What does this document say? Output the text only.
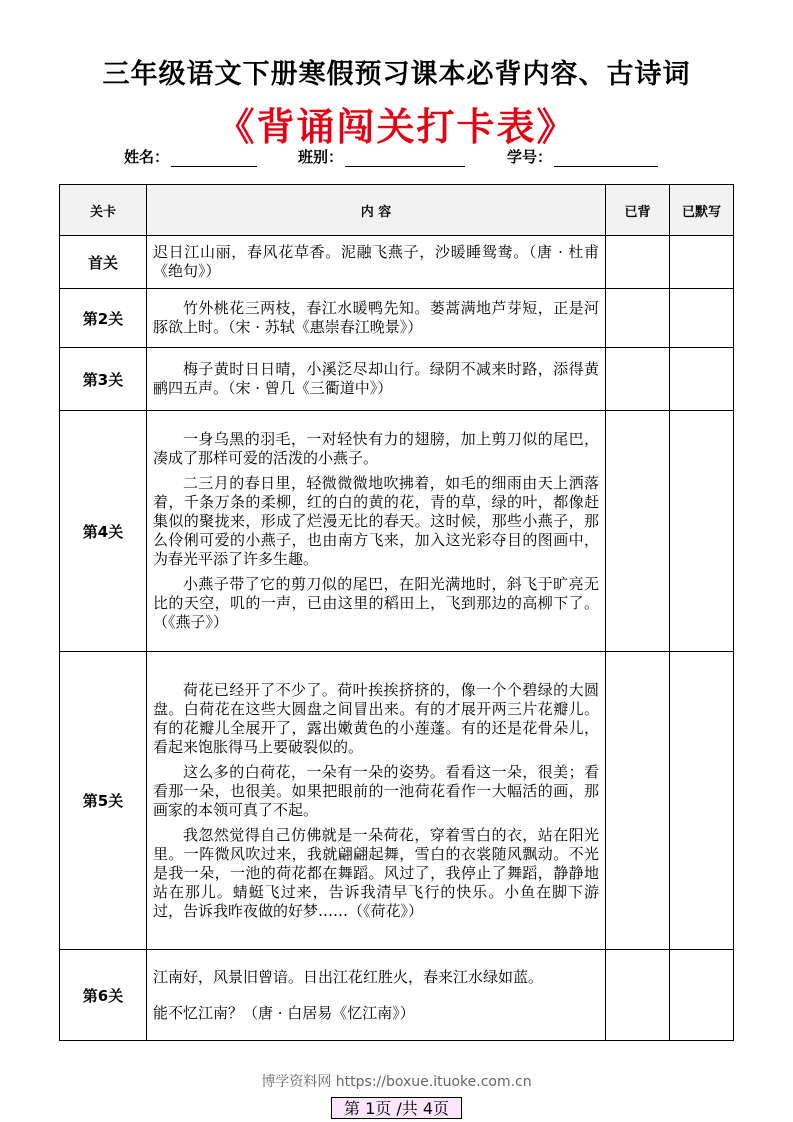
三年级语文下册寒假预习课本必背内容、古诗词
《背诵闯关打卡表》
姓名：	班别：	学号：
关卡	内 容	已背	已默写
首关	迟日江山丽，春风花草香。泥融飞燕子，沙暖睡鸳鸯。（唐 · 杜甫《绝句》）		

第2关	竹外桃花三两枝，春江水暖鸭先知。蒌蒿满地芦芽短，正是河豚欲上时。（宋 · 苏轼《惠崇春江晚景》）		

第3关	梅子黄时日日晴，小溪泛尽却山行。绿阴不减来时路，添得黄鹂四五声。（宋 · 曾几《三衢道中》）		

第4关	一身乌黑的羽毛，一对轻快有力的翅膀，加上剪刀似的尾巴，凑成了那样可爱的活泼的小燕子。

二三月的春日里，轻微微微地吹拂着，如毛的细雨由天上洒落着，千条万条的柔柳，红的白的黄的花，青的草，绿的叶，都像赶集似的聚拢来，形成了烂漫无比的春天。这时候，那些小燕子，那么伶俐可爱的小燕子，也由南方飞来，加入这光彩夺目的图画中，为春光平添了许多生趣。

小燕子带了它的剪刀似的尾巴，在阳光满地时，斜飞于旷亮无比的天空，叽的一声，已由这里的稻田上，飞到那边的高柳下了。（《燕子》）		

第5关	荷花已经开了不少了。荷叶挨挨挤挤的，像一个个碧绿的大圆盘。白荷花在这些大圆盘之间冒出来。有的才展开两三片花瓣儿。有的花瓣儿全展开了，露出嫩黄色的小莲蓬。有的还是花骨朵儿，看起来饱胀得马上要破裂似的。

这么多的白荷花，一朵有一朵的姿势。看看这一朵，很美；看看那一朵，也很美。如果把眼前的一池荷花看作一大幅活的画，那画家的本领可真了不起。

我忽然觉得自己仿佛就是一朵荷花，穿着雪白的衣，站在阳光里。一阵微风吹过来，我就翩翩起舞，雪白的衣裳随风飘动。不光是我一朵，一池的荷花都在舞蹈。风过了，我停止了舞蹈，静静地站在那儿。蜻蜓飞过来，告诉我清早飞行的快乐。小鱼在脚下游过，告诉我昨夜做的好梦……（《荷花》）		

第6关	江南好，风景旧曾谙。日出江花红胜火，春来江水绿如蓝。

能不忆江南？（唐 · 白居易《忆江南》）		

博学资料网 https://boxue.ituoke.com.cn
第 1页 /共 4页
